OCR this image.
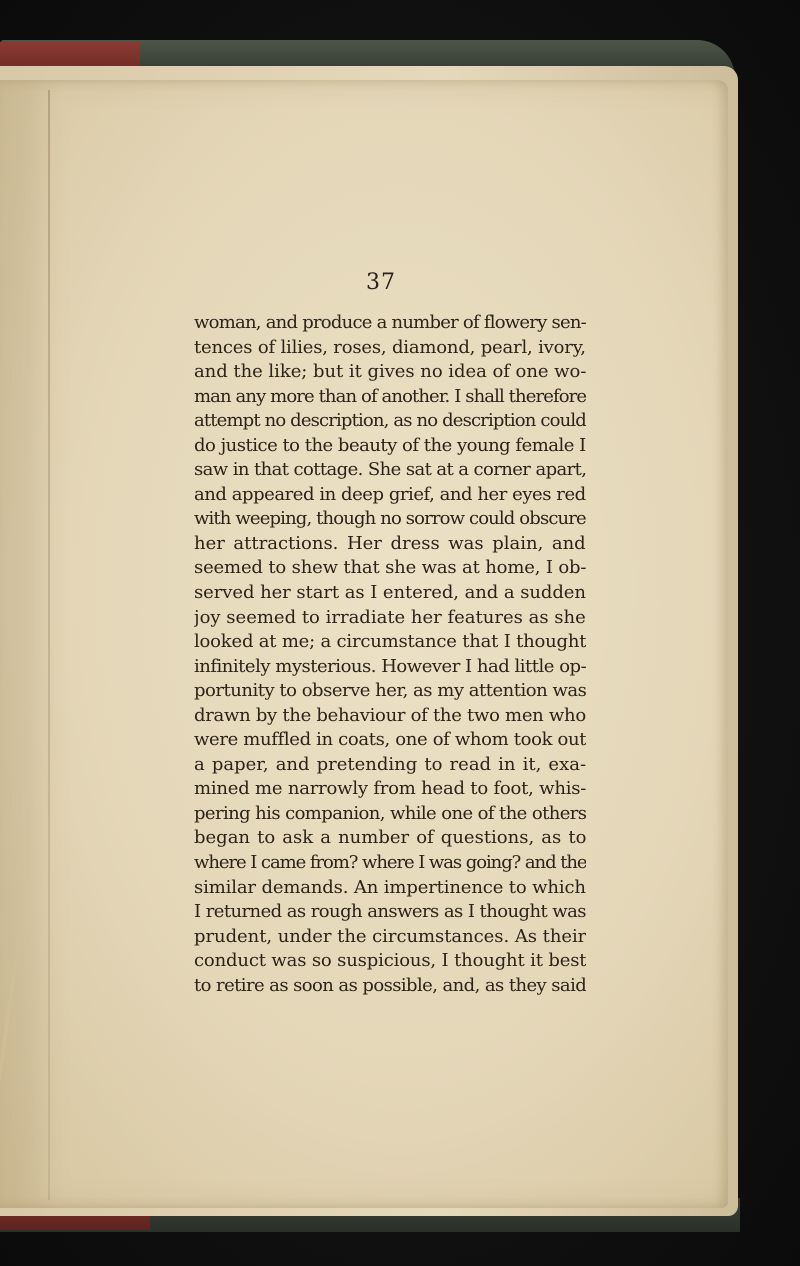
37
woman, and produce a number of flowery sen-
tences of lilies, roses, diamond, pearl, ivory,
and the like; but it gives no idea of one wo-
man any more than of another. I shall therefore
attempt no description, as no description could
do justice to the beauty of the young female I
saw in that cottage. She sat at a corner apart,
and appeared in deep grief, and her eyes red
with weeping, though no sorrow could obscure
her attractions. Her dress was plain, and
seemed to shew that she was at home, I ob-
served her start as I entered, and a sudden
joy seemed to irradiate her features as she
looked at me; a circumstance that I thought
infinitely mysterious. However I had little op-
portunity to observe her, as my attention was
drawn by the behaviour of the two men who
were muffled in coats, one of whom took out
a paper, and pretending to read in it, exa-
mined me narrowly from head to foot, whis-
pering his companion, while one of the others
began to ask a number of questions, as to
where I came from? where I was going? and the
similar demands. An impertinence to which
I returned as rough answers as I thought was
prudent, under the circumstances. As their
conduct was so suspicious, I thought it best
to retire as soon as possible, and, as they said
